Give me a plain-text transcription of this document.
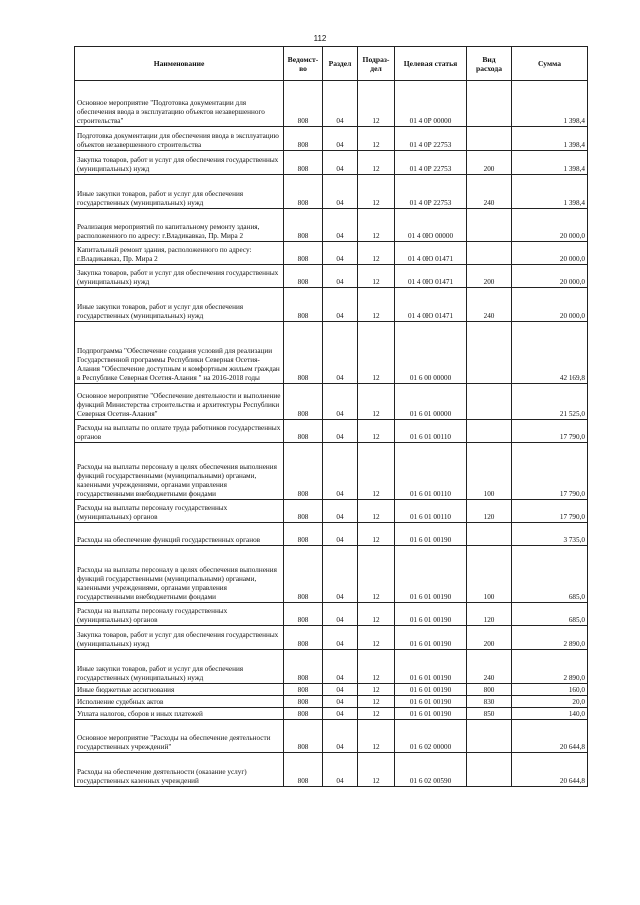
112
Наименование	Ведомст-во	Раздел	Подраз-дел	Целевая статья	Вид расхода	Сумма
Основное мероприятие "Подготовка документации для обеспечения ввода в эксплуатацию объектов незавершенного строительства"	808	04	12	01 4 0Р 00000		1 398,4
Подготовка документации для обеспечения ввода в эксплуатацию объектов незавершенного строительства	808	04	12	01 4 0Р 22753		1 398,4
Закупка товаров, работ и услуг для обеспечения государственных (муниципальных) нужд	808	04	12	01 4 0Р 22753	200	1 398,4
Иные закупки товаров, работ и услуг для обеспечения государственных (муниципальных) нужд	808	04	12	01 4 0Р 22753	240	1 398,4
Реализация мероприятий по капитальному ремонту здания, расположенного по адресу: г.Владикавказ, Пр. Мира 2	808	04	12	01 4 0Ю 00000		20 000,0
Капитальный ремонт здания, расположенного по адресу: г.Владикавказ, Пр. Мира 2	808	04	12	01 4 0Ю 01471		20 000,0
Закупка товаров, работ и услуг для обеспечения государственных (муниципальных) нужд	808	04	12	01 4 0Ю 01471	200	20 000,0
Иные закупки товаров, работ и услуг для обеспечения государственных (муниципальных) нужд	808	04	12	01 4 0Ю 01471	240	20 000,0
Подпрограмма "Обеспечение создания условий для реализации Государственной программы Республики Северная Осетия-Алания "Обеспечение доступным и комфортным жильем граждан в Республике Северная Осетия-Алания " на 2016-2018 годы	808	04	12	01 6 00 00000		42 169,8
Основное мероприятие "Обеспечение деятельности и выполнение функций Министерства строительства и архитектуры Республики Северная Осетия-Алания"	808	04	12	01 6 01 00000		21 525,0
Расходы на выплаты по оплате труда работников государственных органов	808	04	12	01 6 01 00110		17 790,0
Расходы на выплаты персоналу в целях обеспечения выполнения функций государственными (муниципальными) органами, казенными учреждениями, органами управления государственными внебюджетными фондами	808	04	12	01 6 01 00110	100	17 790,0
Расходы на выплаты персоналу государственных (муниципальных) органов	808	04	12	01 6 01 00110	120	17 790,0
Расходы на обеспечение функций государственных органов	808	04	12	01 6 01 00190		3 735,0
Расходы на выплаты персоналу в целях обеспечения выполнения функций государственными (муниципальными) органами, казенными учреждениями, органами управления государственными внебюджетными фондами	808	04	12	01 6 01 00190	100	685,0
Расходы на выплаты персоналу государственных (муниципальных) органов	808	04	12	01 6 01 00190	120	685,0
Закупка товаров, работ и услуг для обеспечения государственных (муниципальных) нужд	808	04	12	01 6 01 00190	200	2 890,0
Иные закупки товаров, работ и услуг для обеспечения государственных (муниципальных) нужд	808	04	12	01 6 01 00190	240	2 890,0
Иные бюджетные ассигнования	808	04	12	01 6 01 00190	800	160,0
Исполнение судебных актов	808	04	12	01 6 01 00190	830	20,0
Уплата налогов, сборов и иных платежей	808	04	12	01 6 01 00190	850	140,0
Основное мероприятие "Расходы на обеспечение деятельности государственных учреждений"	808	04	12	01 6 02 00000		20 644,8
Расходы на обеспечение деятельности (оказание услуг) государственных казенных учреждений	808	04	12	01 6 02 00590		20 644,8
